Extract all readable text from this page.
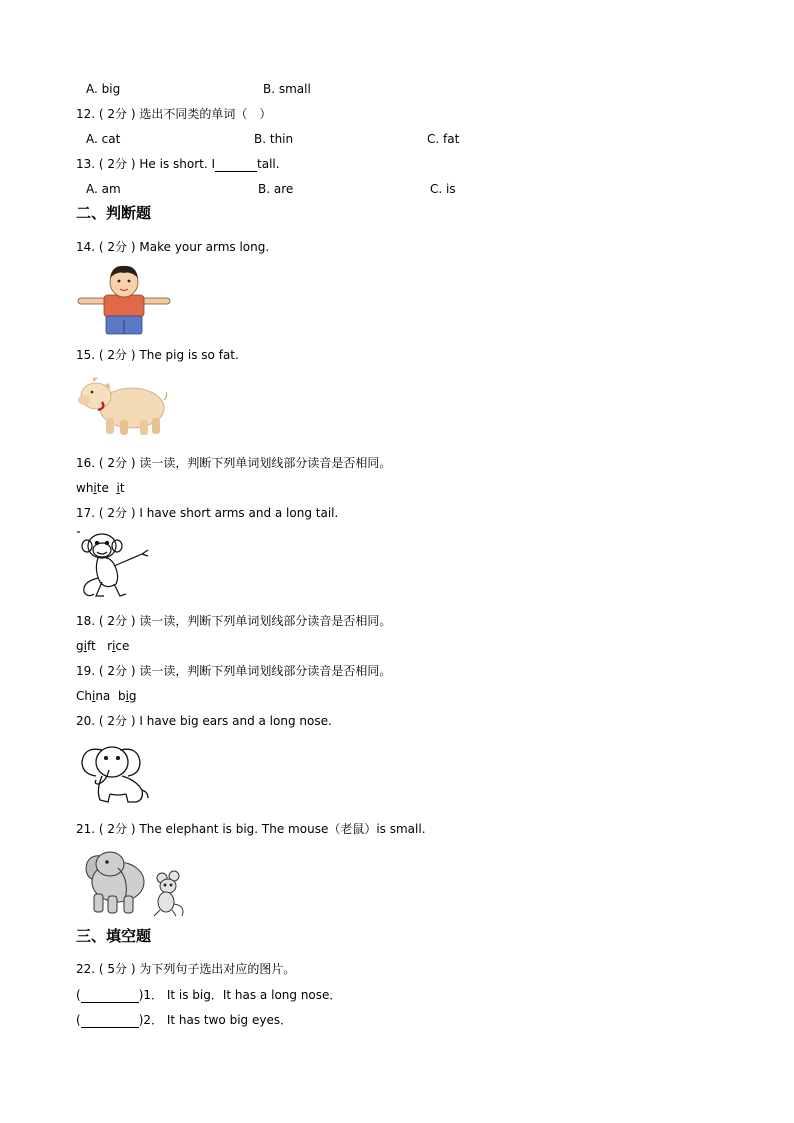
A. big	B. small
12. ( 2分 ) 选出不同类的单词（　）
A. cat	B. thin	C. fat
13. ( 2分 ) He is short. I	tall.
A. am	B. are	C. is
二、判断题
14. ( 2分 ) Make your arms long.
15. ( 2分 ) The pig is so fat.
16. ( 2分 ) 读一读，判断下列单词划线部分读音是否相同。
white it
17. ( 2分 ) I have short arms and a long tail.
18. ( 2分 ) 读一读，判断下列单词划线部分读音是否相同。
gift rice
19. ( 2分 ) 读一读，判断下列单词划线部分读音是否相同。
China big
20. ( 2分 ) I have big ears and a long nose.
21. ( 2分 ) The elephant is big. The mouse（老鼠）is small.
三、填空题
22. ( 5分 ) 为下列句子选出对应的图片。
(	)1． It is big．It has a long nose．
(	)2． It has two big eyes．
